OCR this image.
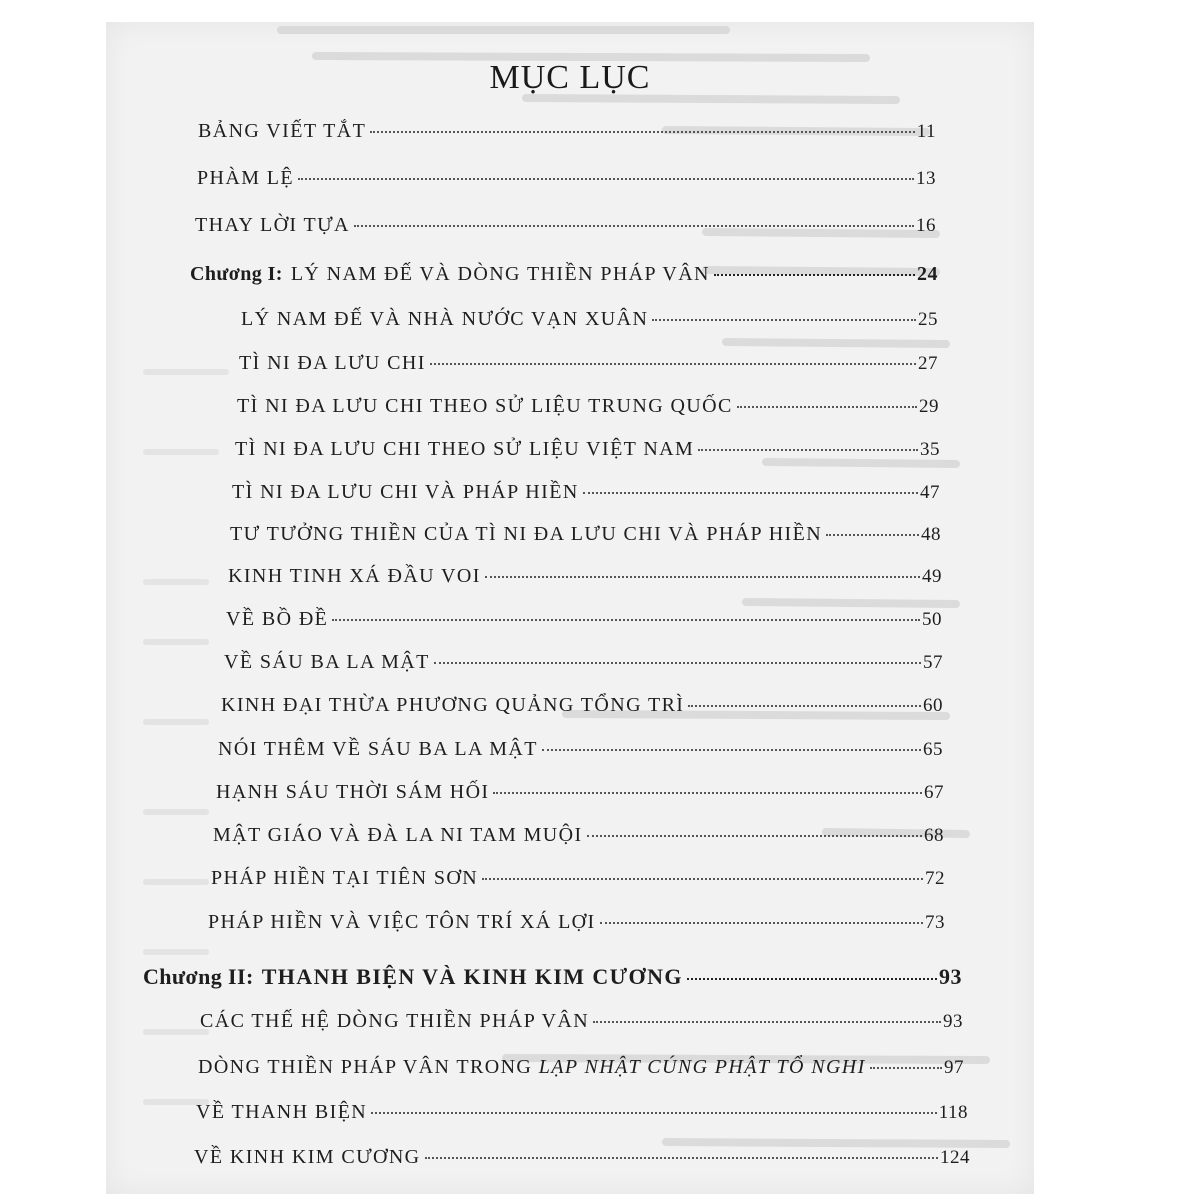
MỤC LỤC
BẢNG VIẾT TẮT	11
PHÀM LỆ	13
THAY LỜI TỰA	16
Chương I: LÝ NAM ĐẾ VÀ DÒNG THIỀN PHÁP VÂN	24
LÝ NAM ĐẾ VÀ NHÀ NƯỚC VẠN XUÂN	25
TÌ NI ĐA LƯU CHI	27
TÌ NI ĐA LƯU CHI THEO SỬ LIỆU TRUNG QUỐC	29
TÌ NI ĐA LƯU CHI THEO SỬ LIỆU VIỆT NAM	35
TÌ NI ĐA LƯU CHI VÀ PHÁP HIỀN	47
TƯ TƯỞNG THIỀN CỦA TÌ NI ĐA LƯU CHI VÀ PHÁP HIỀN	48
KINH TINH XÁ ĐẦU VOI	49
VỀ BỒ ĐỀ	50
VỀ SÁU BA LA MẬT	57
KINH ĐẠI THỪA PHƯƠNG QUẢNG TỔNG TRÌ	60
NÓI THÊM VỀ SÁU BA LA MẬT	65
HẠNH SÁU THỜI SÁM HỐI	67
MẬT GIÁO VÀ ĐÀ LA NI TAM MUỘI	68
PHÁP HIỀN TẠI TIÊN SƠN	72
PHÁP HIỀN VÀ VIỆC TÔN TRÍ XÁ LỢI	73
Chương II: THANH BIỆN VÀ KINH KIM CƯƠNG	93
CÁC THẾ HỆ DÒNG THIỀN PHÁP VÂN	93
DÒNG THIỀN PHÁP VÂN TRONG LẠP NHẬT CÚNG PHẬT TỔ NGHI	97
VỀ THANH BIỆN	118
VỀ KINH KIM CƯƠNG	124
